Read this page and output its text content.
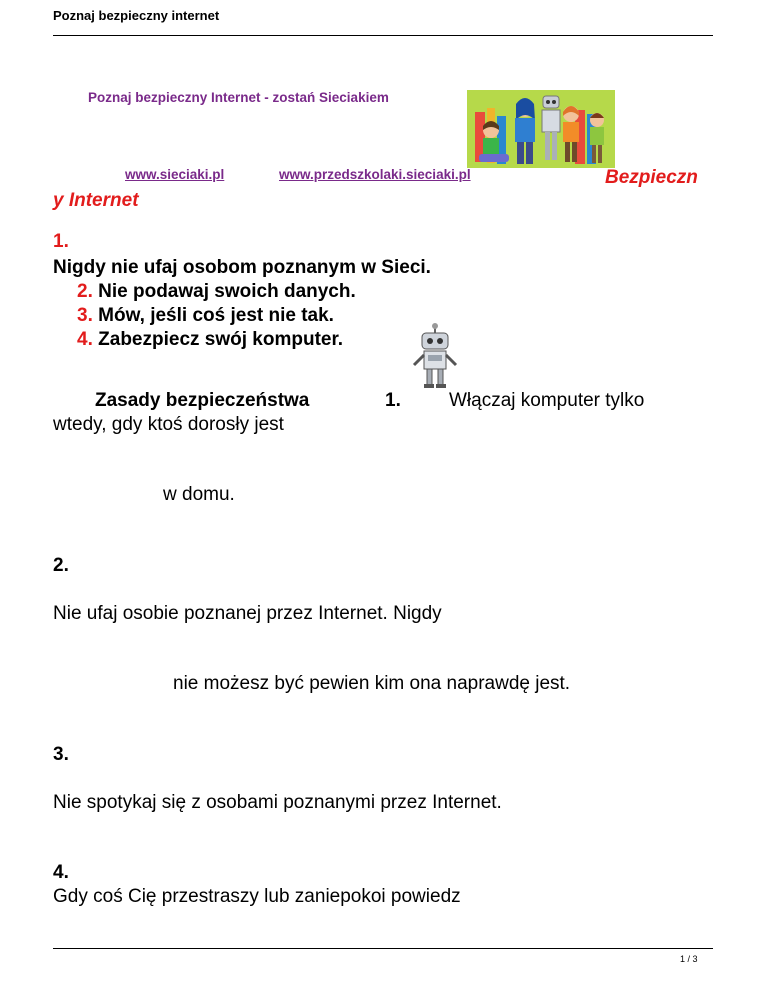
Poznaj bezpieczny internet
Poznaj bezpieczny Internet - zostań Sieciakiem
www.sieciaki.pl	www.przedszkolaki.sieciaki.pl	Bezpieczn
y Internet
1.
Nigdy nie ufaj osobom poznanym w Sieci.
2. Nie podawaj swoich danych.
3. Mów, jeśli coś jest nie tak.
4. Zabezpiecz swój komputer.
Zasady bezpieczeństwa	1.	Włączaj komputer tylko
wtedy, gdy ktoś dorosły jest
w domu.
2.
Nie ufaj osobie poznanej przez Internet. Nigdy
nie możesz być pewien kim ona naprawdę jest.
3.
Nie spotykaj się z osobami poznanymi przez Internet.
4.
Gdy coś Cię przestraszy lub zaniepokoi powiedz
1 / 3
